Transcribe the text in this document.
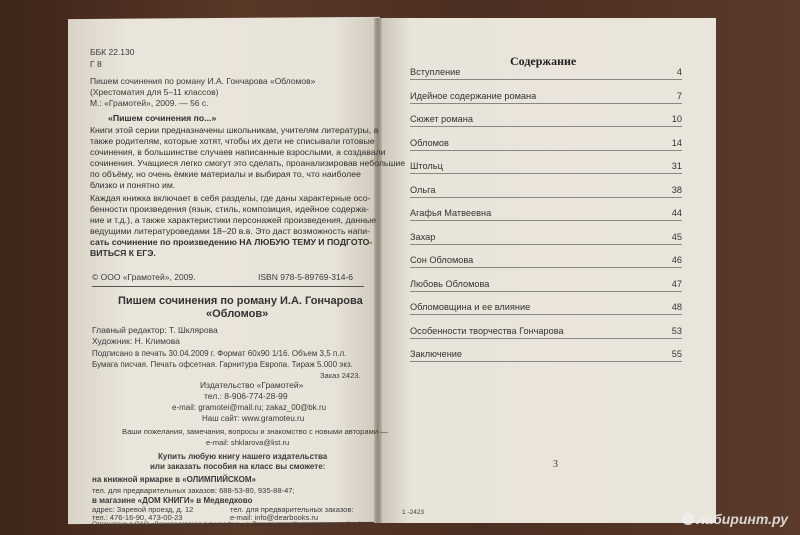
ББК 22.130
Г 8
Пишем сочинения по роману И.А. Гончарова «Обломов»
(Хрестоматия для 5–11 классов)
М.: «Грамотей», 2009. — 56 с.
«Пишем сочинения по...»
Книги этой серии предназначены школьникам, учителям литературы, а
также родителям, которые хотят, чтобы их дети не списывали готовые
сочинения, в большинстве случаев написанные взрослыми, а создавали
сочинения. Учащиеся легко смогут это сделать, проанализировав небольшие
по объёму, но очень ёмкие материалы и выбирая то, что наиболее
близко и понятно им.
Каждая книжка включает в себя разделы, где даны характерные осо-
бенности произведения (язык, стиль, композиция, идейное содержа-
ние и т.д.), а также характеристики персонажей произведения, данные
ведущими литературоведами 18–20 в.в. Это даст возможность напи-
сать сочинение по произведению НА ЛЮБУЮ ТЕМУ И ПОДГОТО-
ВИТЬСЯ К ЕГЭ.
© ООО «Грамотей», 2009.	ISBN 978-5-89769-314-6
Пишем сочинения по роману И.А. Гончарова
«Обломов»
Главный редактор: Т. Шклярова
Художник: Н. Климова
Подписано в печать 30.04.2009 г. Формат 60х90 1/16. Объем 3,5 п.л.
Бумага писчая. Печать офсетная. Гарнитура Европа. Тираж 5.000 экз.
Заказ 2423.
Издательство «Грамотей»
тел.: 8-906-774-28-99
e-mail: gramotei@mail.ru; zakaz_00@bk.ru
Наш сайт: www.gramoteu.ru
Ваши пожелания, замечания, вопросы и знакомство с новыми авторами —
e-mail: shklarova@list.ru
Купить любую книгу нашего издательства
или заказать пособия на класс вы сможете:
на книжной ярмарке в «ОЛИМПИЙСКОМ»
тел. для предварительных заказов: 688-53-80, 935-88-47;
в магазине «ДОМ КНИГИ» в Медведково
адрес: Заревой проезд, д. 12	тел. для предварительных заказов:
тел.: 476-16-90, 473-00-23	e-mail: info@dearbooks.ru
Отпечатано в ОАО «Домодедовская типография», г. Домодедово, Каширское ш., д. 4, к.1
Содержание
Вступление	4
Идейное содержание романа	7
Сюжет романа	10
Обломов	14
Штольц	31
Ольга	38
Агафья Матвеевна	44
Захар	45
Сон Обломова	46
Любовь Обломова	47
Обломовщина и ее влияние	48
Особенности творчества Гончарова	53
Заключение	55
3
1 -2423	лабиринт.ру
